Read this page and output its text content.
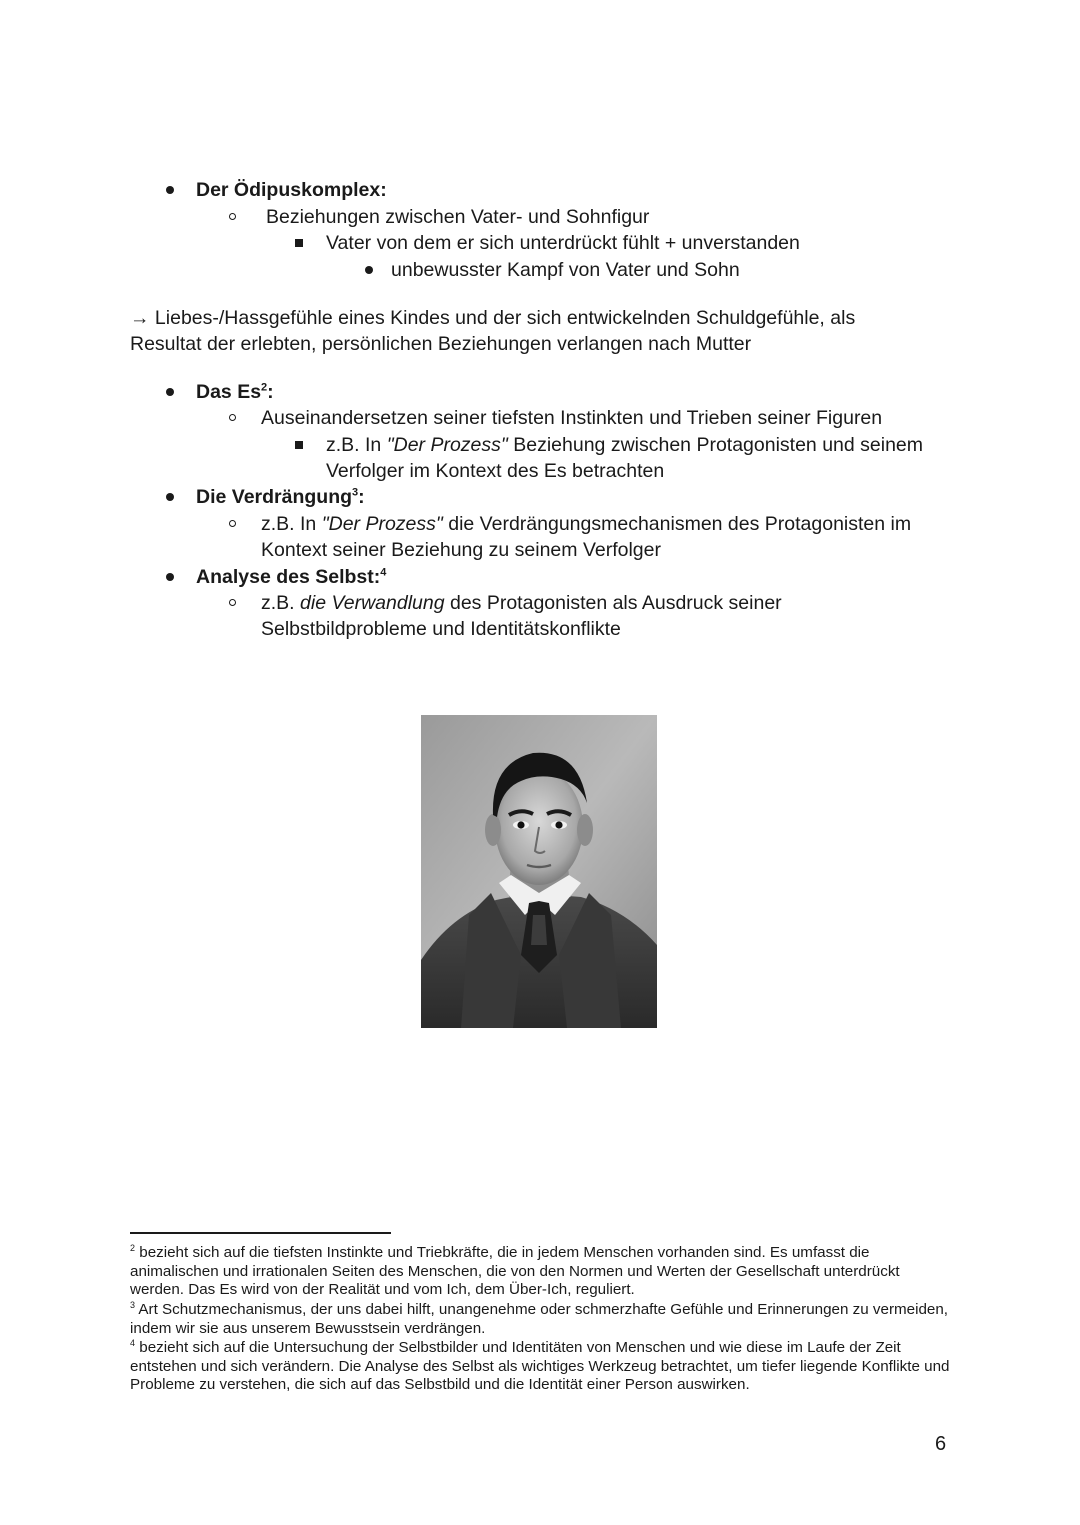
Der Ödipuskomplex:
Beziehungen zwischen Vater- und Sohnfigur
Vater von dem er sich unterdrückt fühlt + unverstanden
unbewusster Kampf von Vater und Sohn
→ Liebes-/Hassgefühle eines Kindes und der sich entwickelnden Schuldgefühle, als
Resultat der erlebten, persönlichen Beziehungen verlangen nach Mutter
Das Es$^2$:
Auseinandersetzen seiner tiefsten Instinkten und Trieben seiner Figuren
z.B. In "Der Prozess" Beziehung zwischen Protagonisten und seinem
Verfolger im Kontext des Es betrachten
Die Verdrängung$^3$:
z.B. In "Der Prozess" die Verdrängungsmechanismen des Protagonisten im
Kontext seiner Beziehung zu seinem Verfolger
Analyse des Selbst:$^4$
z.B. die Verwandlung des Protagonisten als Ausdruck seiner
Selbstbildprobleme und Identitätskonflikte
$^2$ bezieht sich auf die tiefsten Instinkte und Triebkräfte, die in jedem Menschen vorhanden sind. Es umfasst die animalischen und irrationalen Seiten des Menschen, die von den Normen und Werten der Gesellschaft unterdrückt werden. Das Es wird von der Realität und vom Ich, dem Über-Ich, reguliert.
$^3$ Art Schutzmechanismus, der uns dabei hilft, unangenehme oder schmerzhafte Gefühle und Erinnerungen zu vermeiden, indem wir sie aus unserem Bewusstsein verdrängen.
$^4$ bezieht sich auf die Untersuchung der Selbstbilder und Identitäten von Menschen und wie diese im Laufe der Zeit entstehen und sich verändern. Die Analyse des Selbst als wichtiges Werkzeug betrachtet, um tiefer liegende Konflikte und Probleme zu verstehen, die sich auf das Selbstbild und die Identität einer Person auswirken.
6
